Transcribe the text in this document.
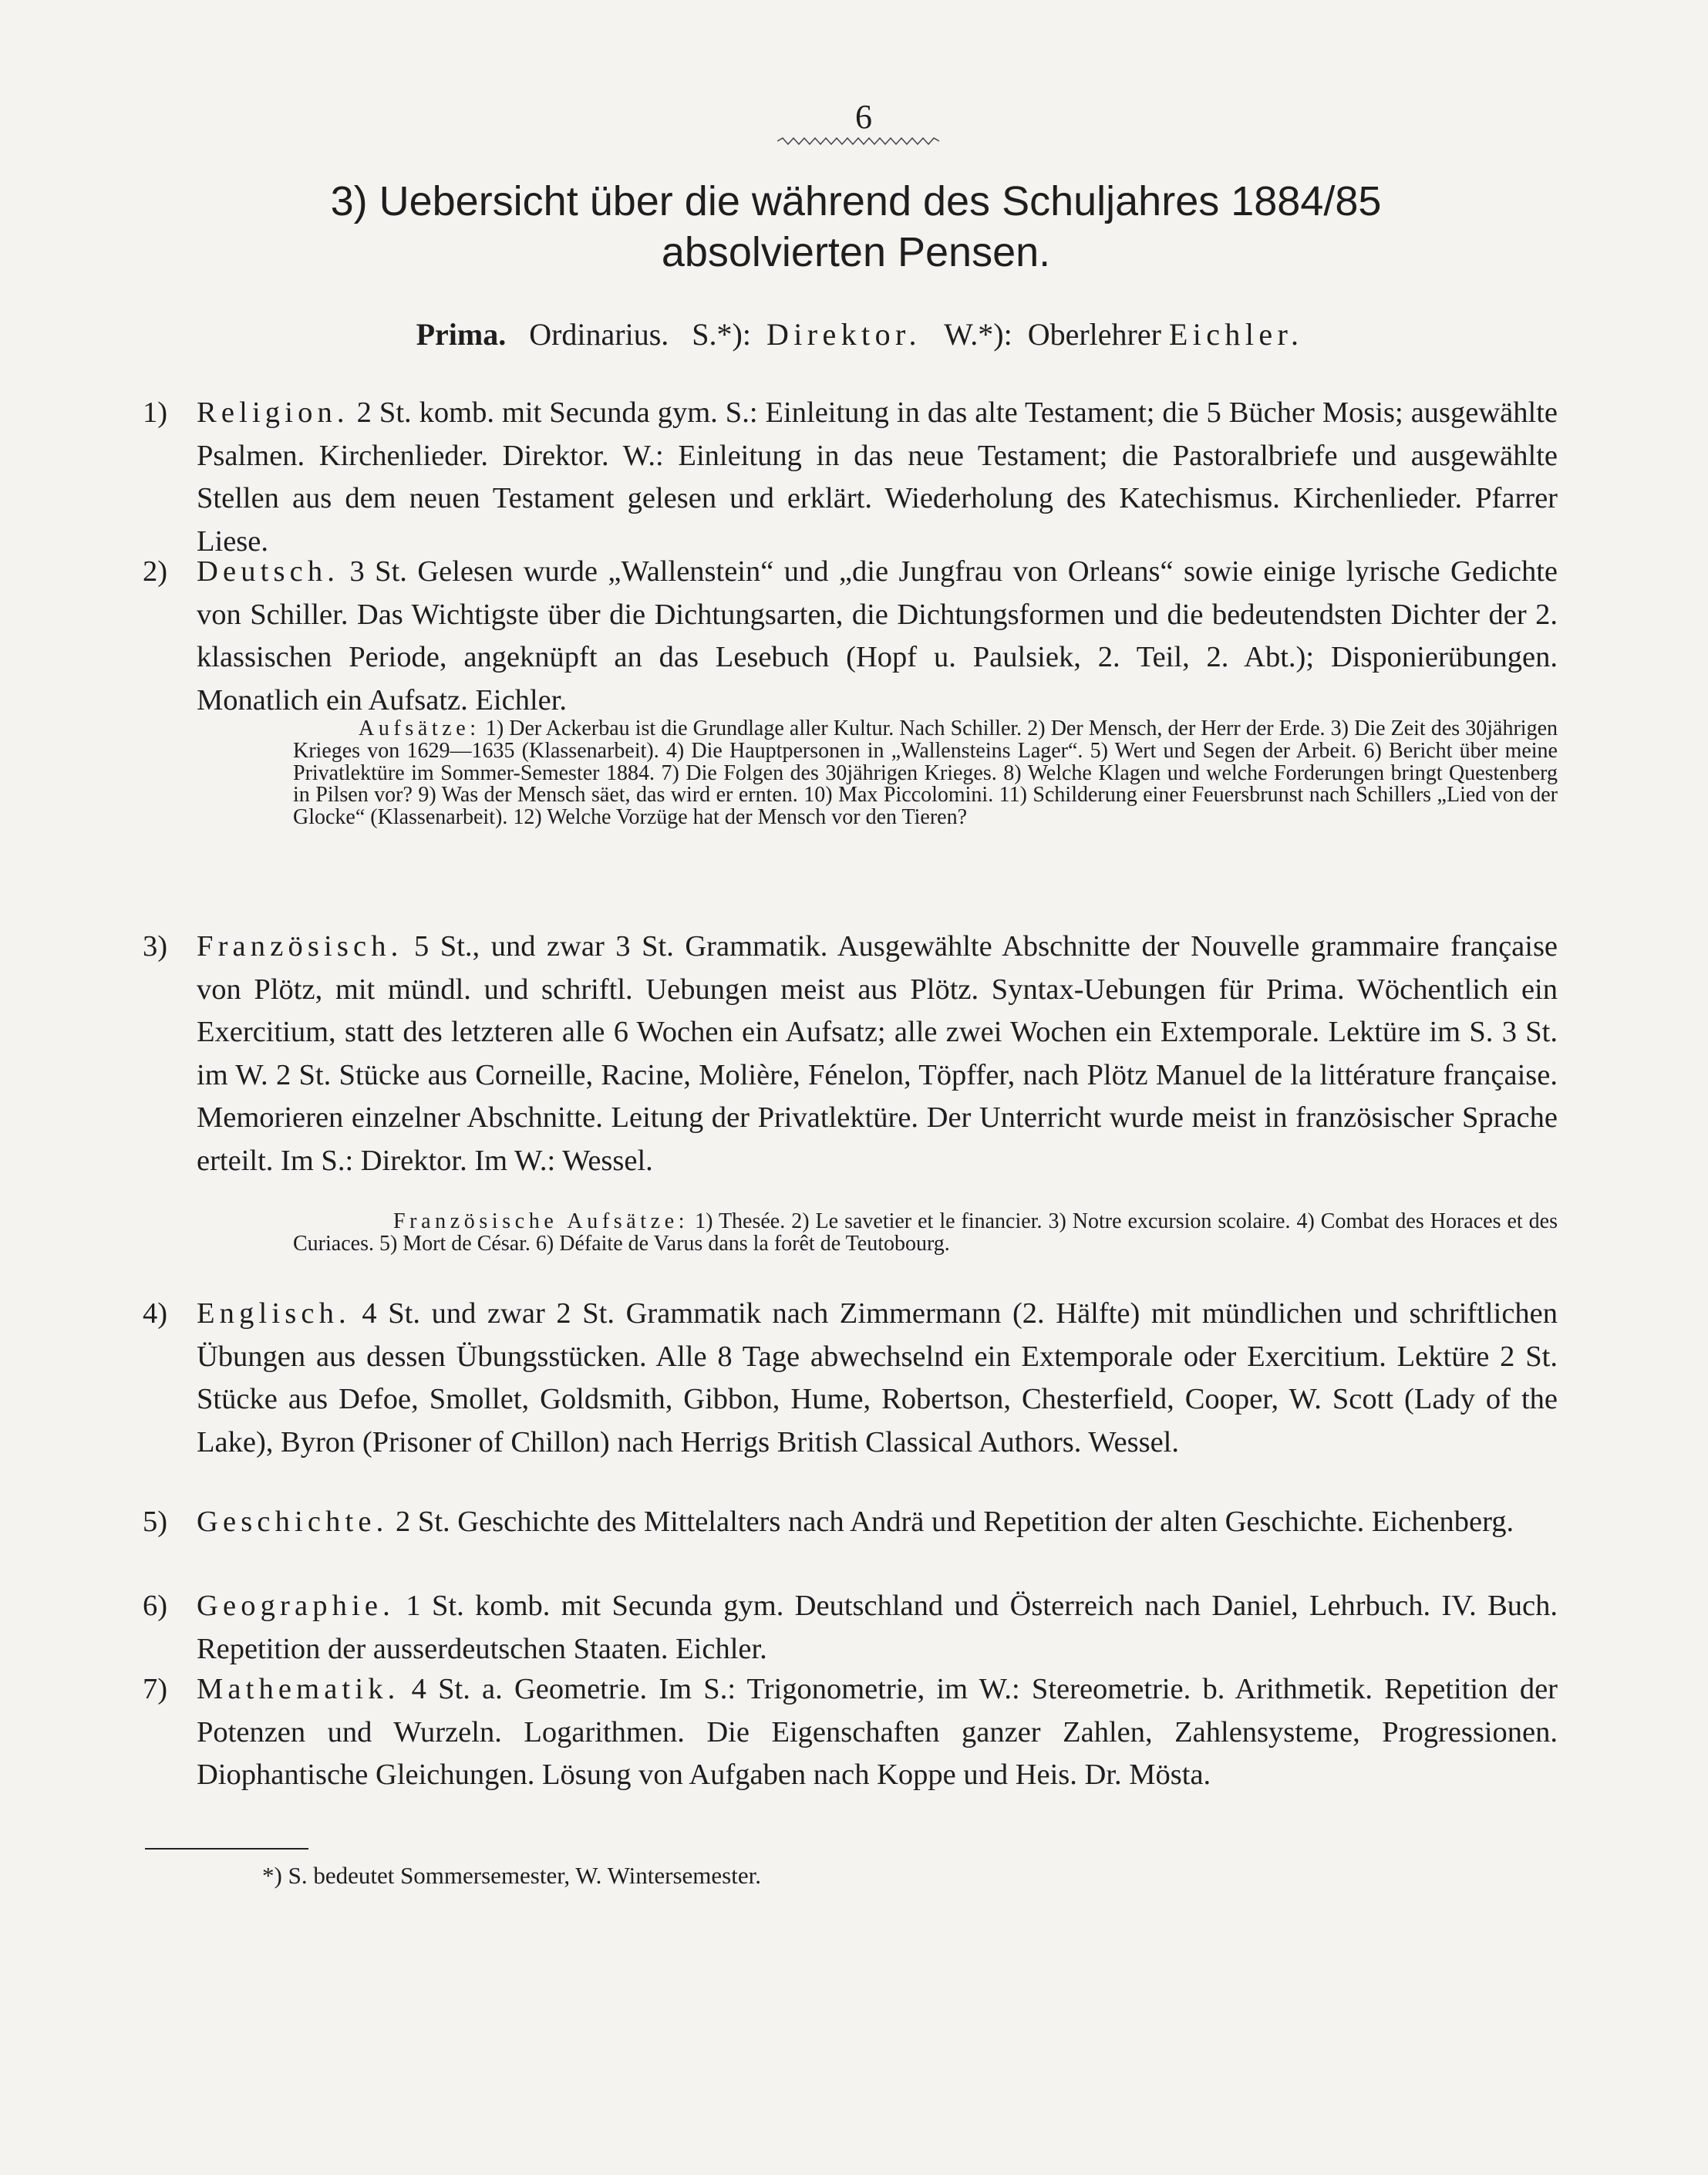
6
3) Uebersicht über die während des Schuljahres 1884/85
absolvierten Pensen.
Prima. Ordinarius. S.*): Direktor. W.*): Oberlehrer Eichler.
1) Religion. 2 St. komb. mit Secunda gym. S.: Einleitung in das alte Testament; die 5 Bücher Mosis; ausgewählte Psalmen. Kirchenlieder. Direktor. W.: Einleitung in das neue Testament; die Pastoralbriefe und ausgewählte Stellen aus dem neuen Testament gelesen und erklärt. Wiederholung des Katechismus. Kirchenlieder. Pfarrer Liese.
2) Deutsch. 3 St. Gelesen wurde „Wallenstein“ und „die Jungfrau von Orleans“ sowie einige lyrische Gedichte von Schiller. Das Wichtigste über die Dichtungsarten, die Dichtungsformen und die bedeutendsten Dichter der 2. klassischen Periode, angeknüpft an das Lesebuch (Hopf u. Paulsiek, 2. Teil, 2. Abt.); Disponierübungen. Monatlich ein Aufsatz. Eichler.
Aufsätze: 1) Der Ackerbau ist die Grundlage aller Kultur. Nach Schiller. 2) Der Mensch, der Herr der Erde. 3) Die Zeit des 30jährigen Krieges von 1629—1635 (Klassenarbeit). 4) Die Hauptpersonen in „Wallensteins Lager“. 5) Wert und Segen der Arbeit. 6) Bericht über meine Privatlektüre im Sommer-Semester 1884. 7) Die Folgen des 30jährigen Krieges. 8) Welche Klagen und welche Forderungen bringt Questenberg in Pilsen vor? 9) Was der Mensch säet, das wird er ernten. 10) Max Piccolomini. 11) Schilderung einer Feuersbrunst nach Schillers „Lied von der Glocke“ (Klassenarbeit). 12) Welche Vorzüge hat der Mensch vor den Tieren?
3) Französisch. 5 St., und zwar 3 St. Grammatik. Ausgewählte Abschnitte der Nouvelle grammaire française von Plötz, mit mündl. und schriftl. Uebungen meist aus Plötz. Syntax-Uebungen für Prima. Wöchentlich ein Exercitium, statt des letzteren alle 6 Wochen ein Aufsatz; alle zwei Wochen ein Extemporale. Lektüre im S. 3 St. im W. 2 St. Stücke aus Corneille, Racine, Molière, Fénelon, Töpffer, nach Plötz Manuel de la littérature française. Memorieren einzelner Abschnitte. Leitung der Privatlektüre. Der Unterricht wurde meist in französischer Sprache erteilt. Im S.: Direktor. Im W.: Wessel.
Französische Aufsätze: 1) Thesée. 2) Le savetier et le financier. 3) Notre excursion scolaire. 4) Combat des Horaces et des Curiaces. 5) Mort de César. 6) Défaite de Varus dans la forêt de Teutobourg.
4) Englisch. 4 St. und zwar 2 St. Grammatik nach Zimmermann (2. Hälfte) mit mündlichen und schriftlichen Übungen aus dessen Übungsstücken. Alle 8 Tage abwechselnd ein Extemporale oder Exercitium. Lektüre 2 St. Stücke aus Defoe, Smollet, Goldsmith, Gibbon, Hume, Robertson, Chesterfield, Cooper, W. Scott (Lady of the Lake), Byron (Prisoner of Chillon) nach Herrigs British Classical Authors. Wessel.
5) Geschichte. 2 St. Geschichte des Mittelalters nach Andrä und Repetition der alten Geschichte. Eichenberg.
6) Geographie. 1 St. komb. mit Secunda gym. Deutschland und Österreich nach Daniel, Lehrbuch. IV. Buch. Repetition der ausserdeutschen Staaten. Eichler.
7) Mathematik. 4 St. a. Geometrie. Im S.: Trigonometrie, im W.: Stereometrie. b. Arithmetik. Repetition der Potenzen und Wurzeln. Logarithmen. Die Eigenschaften ganzer Zahlen, Zahlensysteme, Progressionen. Diophantische Gleichungen. Lösung von Aufgaben nach Koppe und Heis. Dr. Mösta.
*) S. bedeutet Sommersemester, W. Wintersemester.
